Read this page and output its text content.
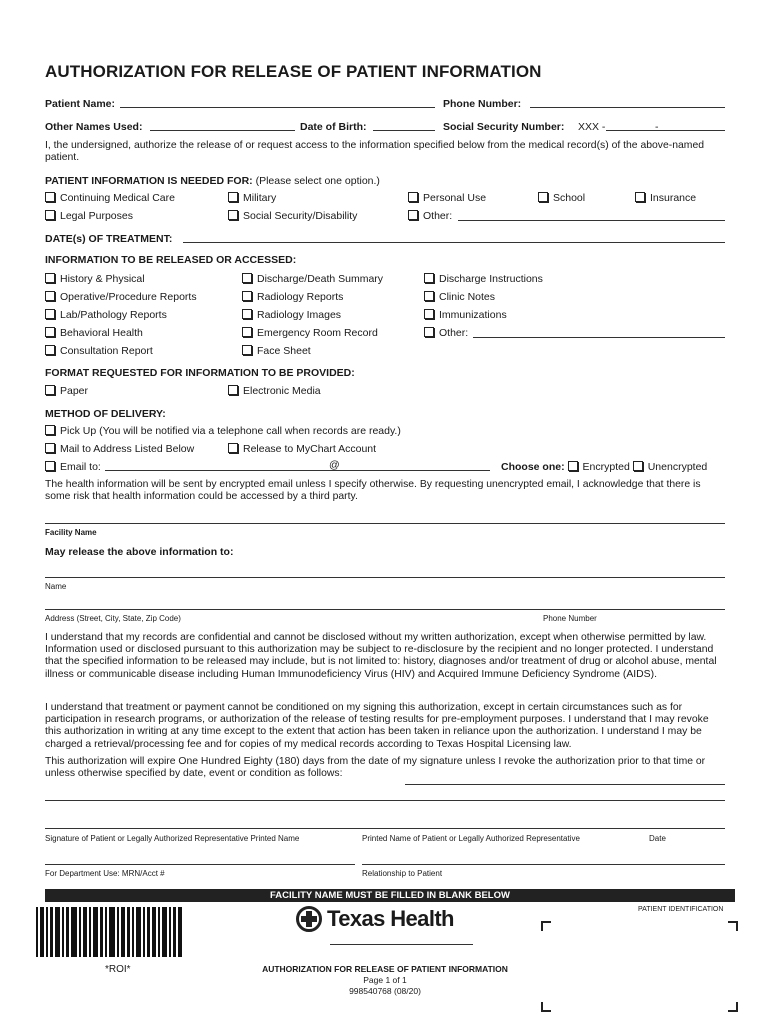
AUTHORIZATION FOR RELEASE OF PATIENT INFORMATION
Patient Name:	Phone Number:
Other Names Used:	Date of Birth:	Social Security Number: XXX -	-
I, the undersigned, authorize the release of or request access to the information specified below from the medical record(s) of the above-named patient.
PATIENT INFORMATION IS NEEDED FOR: (Please select one option.)
Continuing Medical Care	Military	Personal Use	School	Insurance
Legal Purposes	Social Security/Disability	Other:
DATE(s) OF TREATMENT:
INFORMATION TO BE RELEASED OR ACCESSED:
History & Physical	Discharge/Death Summary	Discharge Instructions
Operative/Procedure Reports	Radiology Reports	Clinic Notes
Lab/Pathology Reports	Radiology Images	Immunizations
Behavioral Health	Emergency Room Record	Other:
Consultation Report	Face Sheet
FORMAT REQUESTED FOR INFORMATION TO BE PROVIDED:
Paper	Electronic Media
METHOD OF DELIVERY:
Pick Up (You will be notified via a telephone call when records are ready.)
Mail to Address Listed Below	Release to MyChart Account
Email to:	@	Choose one: Encrypted Unencrypted
The health information will be sent by encrypted email unless I specify otherwise. By requesting unencrypted email, I acknowledge that there is some risk that health information could be accessed by a third party.
Facility Name
May release the above information to:
Name
Address (Street, City, State, Zip Code)	Phone Number
I understand that my records are confidential and cannot be disclosed without my written authorization, except when otherwise permitted by law. Information used or disclosed pursuant to this authorization may be subject to re-disclosure by the recipient and no longer protected. I understand that the specified information to be released may include, but is not limited to: history, diagnoses and/or treatment of drug or alcohol abuse, mental illness or communicable disease including Human Immunodeficiency Virus (HIV) and Acquired Immune Deficiency Syndrome (AIDS).
I understand that treatment or payment cannot be conditioned on my signing this authorization, except in certain circumstances such as for participation in research programs, or authorization of the release of testing results for pre-employment purposes. I understand that I may revoke this authorization in writing at any time except to the extent that action has been taken in reliance upon the authorization. I understand I may be charged a retrieval/processing fee and for copies of my medical records according to Texas Hospital Licensing law.
This authorization will expire One Hundred Eighty (180) days from the date of my signature unless I revoke the authorization prior to that time or unless otherwise specified by date, event or condition as follows:
Signature of Patient or Legally Authorized Representative Printed Name	Printed Name of Patient or Legally Authorized Representative	Date
For Department Use: MRN/Acct #	Relationship to Patient
FACILITY NAME MUST BE FILLED IN BLANK BELOW
PATIENT IDENTIFICATION
*ROI*
Texas Health
AUTHORIZATION FOR RELEASE OF PATIENT INFORMATION
Page 1 of 1
998540768 (08/20)
